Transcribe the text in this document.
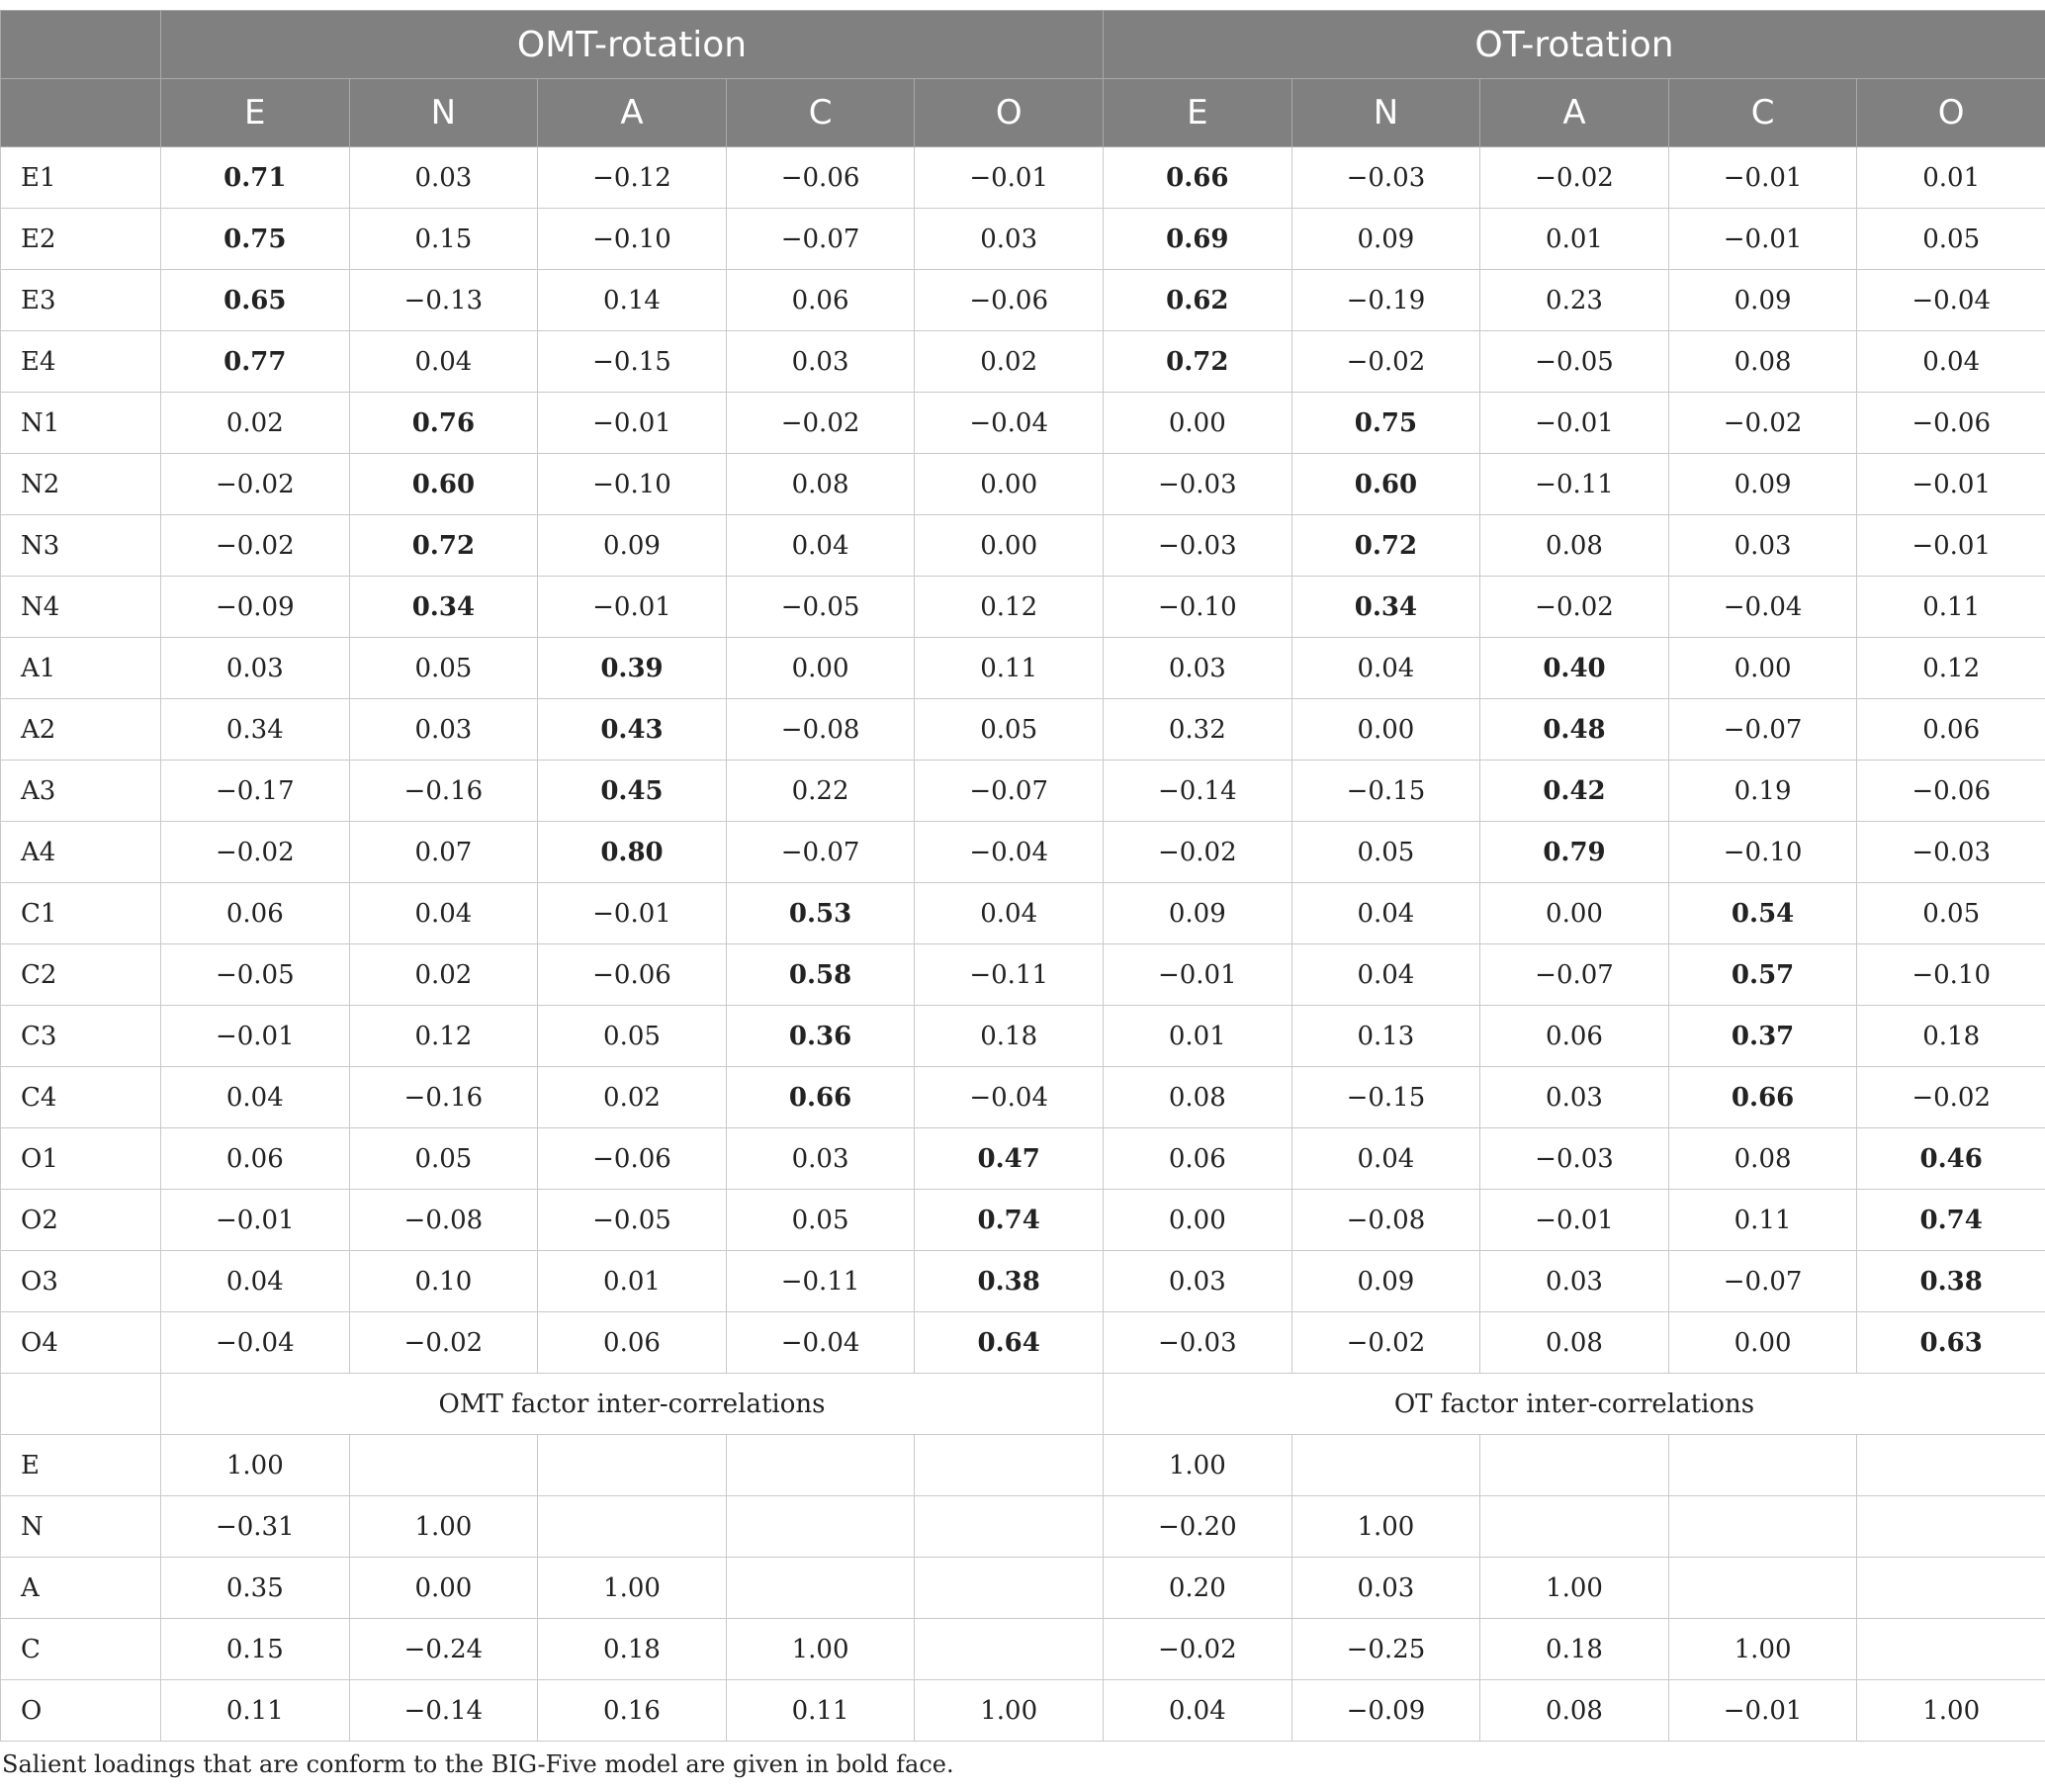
	OMT-rotation					OT-rotation				
	E	N	A	C	O	E	N	A	C	O
E1	0.71	0.03	−0.12	−0.06	−0.01	0.66	−0.03	−0.02	−0.01	0.01
E2	0.75	0.15	−0.10	−0.07	0.03	0.69	0.09	0.01	−0.01	0.05
E3	0.65	−0.13	0.14	0.06	−0.06	0.62	−0.19	0.23	0.09	−0.04
E4	0.77	0.04	−0.15	0.03	0.02	0.72	−0.02	−0.05	0.08	0.04
N1	0.02	0.76	−0.01	−0.02	−0.04	0.00	0.75	−0.01	−0.02	−0.06
N2	−0.02	0.60	−0.10	0.08	0.00	−0.03	0.60	−0.11	0.09	−0.01
N3	−0.02	0.72	0.09	0.04	0.00	−0.03	0.72	0.08	0.03	−0.01
N4	−0.09	0.34	−0.01	−0.05	0.12	−0.10	0.34	−0.02	−0.04	0.11
A1	0.03	0.05	0.39	0.00	0.11	0.03	0.04	0.40	0.00	0.12
A2	0.34	0.03	0.43	−0.08	0.05	0.32	0.00	0.48	−0.07	0.06
A3	−0.17	−0.16	0.45	0.22	−0.07	−0.14	−0.15	0.42	0.19	−0.06
A4	−0.02	0.07	0.80	−0.07	−0.04	−0.02	0.05	0.79	−0.10	−0.03
C1	0.06	0.04	−0.01	0.53	0.04	0.09	0.04	0.00	0.54	0.05
C2	−0.05	0.02	−0.06	0.58	−0.11	−0.01	0.04	−0.07	0.57	−0.10
C3	−0.01	0.12	0.05	0.36	0.18	0.01	0.13	0.06	0.37	0.18
C4	0.04	−0.16	0.02	0.66	−0.04	0.08	−0.15	0.03	0.66	−0.02
O1	0.06	0.05	−0.06	0.03	0.47	0.06	0.04	−0.03	0.08	0.46
O2	−0.01	−0.08	−0.05	0.05	0.74	0.00	−0.08	−0.01	0.11	0.74
O3	0.04	0.10	0.01	−0.11	0.38	0.03	0.09	0.03	−0.07	0.38
O4	−0.04	−0.02	0.06	−0.04	0.64	−0.03	−0.02	0.08	0.00	0.63
	OMT factor inter-correlations					OT factor inter-correlations				
E	1.00					1.00				
N	−0.31	1.00				−0.20	1.00			
A	0.35	0.00	1.00			0.20	0.03	1.00		
C	0.15	−0.24	0.18	1.00		−0.02	−0.25	0.18	1.00	
O	0.11	−0.14	0.16	0.11	1.00	0.04	−0.09	0.08	−0.01	1.00
Salient loadings that are conform to the BIG-Five model are given in bold face.
